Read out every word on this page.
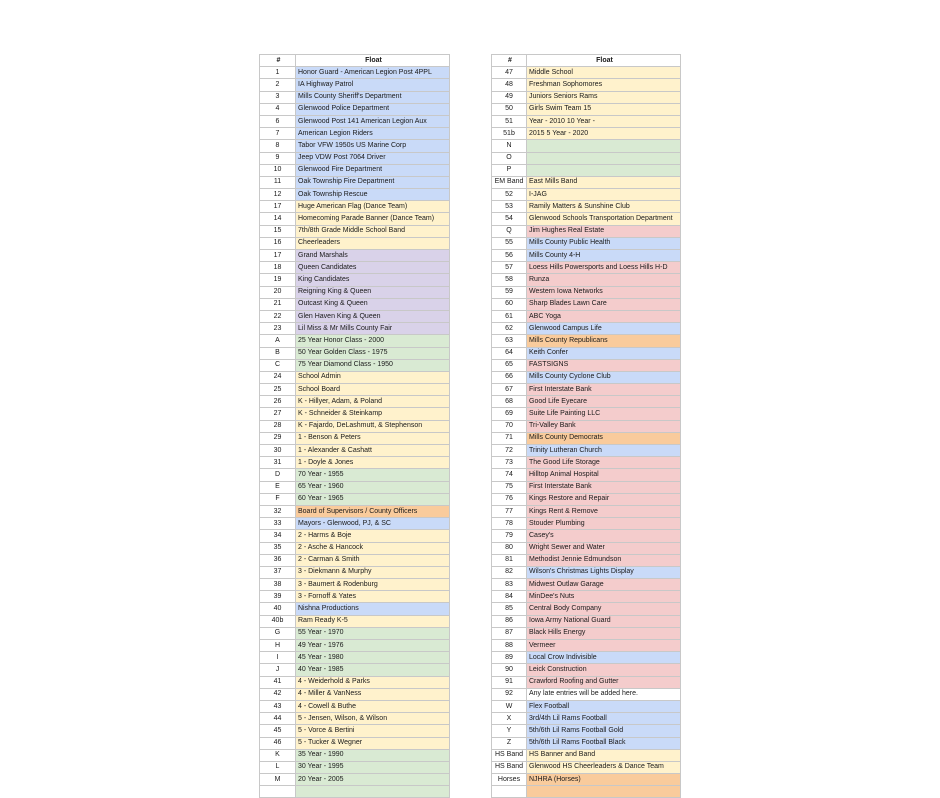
#	Float
1	Honor Guard - American Legion Post 4PPL
2	IA Highway Patrol
3	Mills County Sheriff's Department
4	Glenwood Police Department
6	Glenwood Post 141 American Legion Aux
7	American Legion Riders
8	Tabor VFW 1950s US Marine Corp
9	Jeep VDW Post 7064 Driver
10	Glenwood Fire Department
11	Oak Township Fire Department
12	Oak Township Rescue
17	Huge American Flag (Dance Team)
14	Homecoming Parade Banner (Dance Team)
15	7th/8th Grade Middle School Band
16	Cheerleaders
17	Grand Marshals
18	Queen Candidates
19	King Candidates
20	Reigning King & Queen
21	Outcast King & Queen
22	Glen Haven King & Queen
23	Lil Miss & Mr Mills County Fair
A	25 Year Honor Class - 2000
B	50 Year Golden Class - 1975
C	75 Year Diamond Class - 1950
24	School Admin
25	School Board
26	K - Hillyer, Adam, & Poland
27	K - Schneider & Steinkamp
28	K - Fajardo, DeLashmutt, & Stephenson
29	1 - Benson & Peters
30	1 - Alexander & Cashatt
31	1 - Doyle & Jones
D	70 Year - 1955
E	65 Year - 1960
F	60 Year - 1965
32	Board of Supervisors / County Officers
33	Mayors - Glenwood, PJ, & SC
34	2 - Harms & Boje
35	2 - Asche & Hancock
36	2 - Carman & Smith
37	3 - Diekmann & Murphy
38	3 - Baumert & Rodenburg
39	3 - Fornoff & Yates
40	Nishna Productions
40b	Ram Ready K-5
G	55 Year - 1970
H	49 Year - 1976
I	45 Year - 1980
J	40 Year - 1985
41	4 - Weiderhold & Parks
42	4 - Miller & VanNess
43	4 - Cowell & Buthe
44	5 - Jensen, Wilson, & Wilson
45	5 - Vorce & Bertini
46	5 - Tucker & Wegner
K	35 Year - 1990
L	30 Year - 1995
M	20 Year - 2005

#	Float
47	Middle School
48	Freshman Sophomores
49	Juniors Seniors Rams
50	Girls Swim Team 15
51	Year - 2010 10 Year -
51b	2015 5 Year - 2020
N	
O	
P	
EM Band	East Mills Band
52	I-JAG
53	Ramily Matters & Sunshine Club
54	Glenwood Schools Transportation Department
Q	Jim Hughes Real Estate
55	Mills County Public Health
56	Mills County 4-H
57	Loess Hills Powersports and Loess Hills H-D
58	Runza
59	Western Iowa Networks
60	Sharp Blades Lawn Care
61	ABC Yoga
62	Glenwood Campus Life
63	Mills County Republicans
64	Keith Confer
65	FASTSIGNS
66	Mills County Cyclone Club
67	First Interstate Bank
68	Good Life Eyecare
69	Suite Life Painting LLC
70	Tri-Valley Bank
71	Mills County Democrats
72	Trinity Lutheran Church
73	The Good Life Storage
74	Hilltop Animal Hospital
75	First Interstate Bank
76	Kings Restore and Repair
77	Kings Rent & Remove
78	Stouder Plumbing
79	Casey's
80	Wright Sewer and Water
81	Methodist Jennie Edmundson
82	Wilson's Christmas Lights Display
83	Midwest Outlaw Garage
84	MinDee's Nuts
85	Central Body Company
86	Iowa Army National Guard
87	Black Hills Energy
88	Vermeer
89	Local Crow Indivisible
90	Leick Construction
91	Crawford Roofing and Gutter
92	Any late entries will be added here.
W	Flex Football
X	3rd/4th Lil Rams Football
Y	5th/6th Lil Rams Football Gold
Z	5th/6th Lil Rams Football Black
HS Band	HS Banner and Band
HS Band	Glenwood HS Cheerleaders & Dance Team
Horses	NJHRA (Horses)
